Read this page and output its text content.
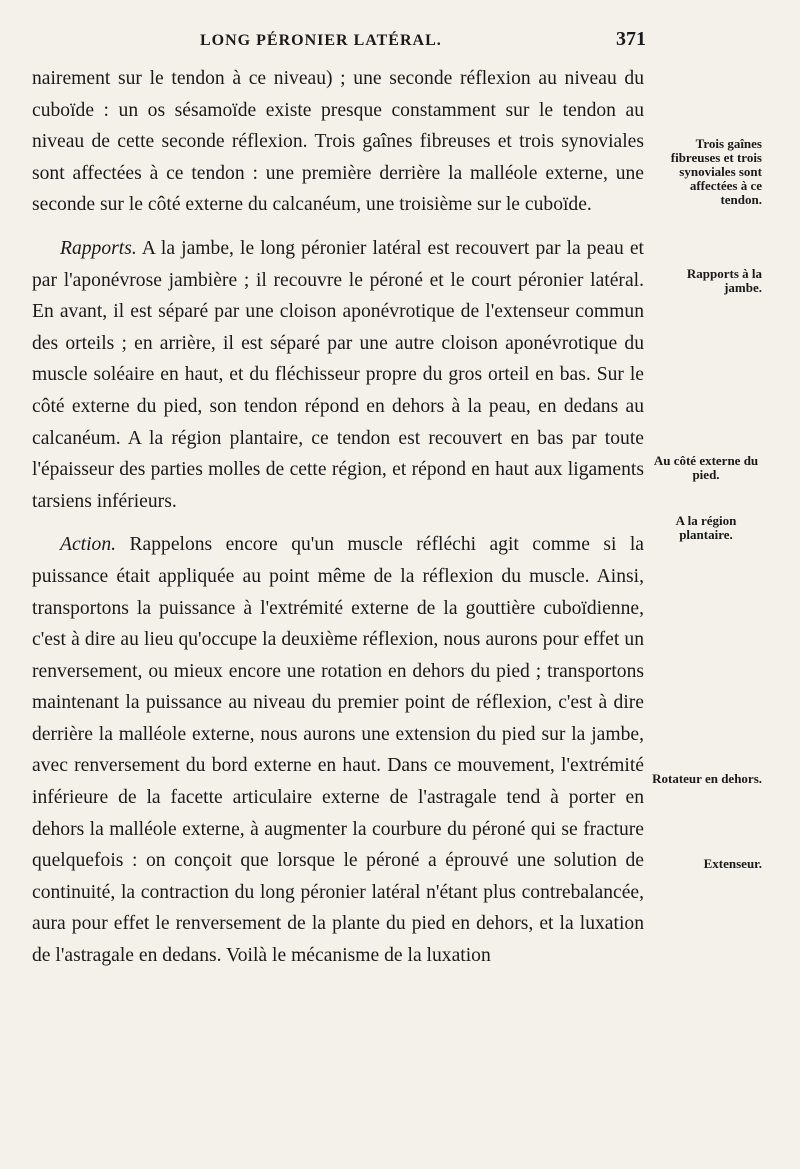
LONG PÉRONIER LATÉRAL.	371

nairement sur le tendon à ce niveau) ; une seconde réflexion au niveau du cuboïde : un os sésamoïde existe presque constamment sur le tendon au niveau de cette seconde réflexion. Trois gaînes fibreuses et trois synoviales sont affectées à ce tendon : une première derrière la malléole externe, une seconde sur le côté externe du calcanéum, une troisième sur le cuboïde.

Rapports. A la jambe, le long péronier latéral est recouvert par la peau et par l'aponévrose jambière ; il recouvre le péroné et le court péronier latéral. En avant, il est séparé par une cloison aponévrotique de l'extenseur commun des orteils ; en arrière, il est séparé par une autre cloison aponévrotique du muscle soléaire en haut, et du fléchisseur propre du gros orteil en bas. Sur le côté externe du pied, son tendon répond en dehors à la peau, en dedans au calcanéum. A la région plantaire, ce tendon est recouvert en bas par toute l'épaisseur des parties molles de cette région, et répond en haut aux ligaments tarsiens inférieurs.

Action. Rappelons encore qu'un muscle réfléchi agit comme si la puissance était appliquée au point même de la réflexion du muscle. Ainsi, transportons la puissance à l'extrémité externe de la gouttière cuboïdienne, c'est à dire au lieu qu'occupe la deuxième réflexion, nous aurons pour effet un renversement, ou mieux encore une rotation en dehors du pied ; transportons maintenant la puissance au niveau du premier point de réflexion, c'est à dire derrière la malléole externe, nous aurons une extension du pied sur la jambe, avec renversement du bord externe en haut. Dans ce mouvement, l'extrémité inférieure de la facette articulaire externe de l'astragale tend à porter en dehors la malléole externe, à augmenter la courbure du péroné qui se fracture quelquefois : on conçoit que lorsque le péroné a éprouvé une solution de continuité, la contraction du long péronier latéral n'étant plus contrebalancée, aura pour effet le renversement de la plante du pied en dehors, et la luxation de l'astragale en dedans. Voilà le mécanisme de la luxation

Trois gaînes fibreuses et trois synoviales sont affectées à ce tendon.
Rapports à la jambe.
Au côté externe du pied.
A la région plantaire.
Rotateur en dehors.
Extenseur.
